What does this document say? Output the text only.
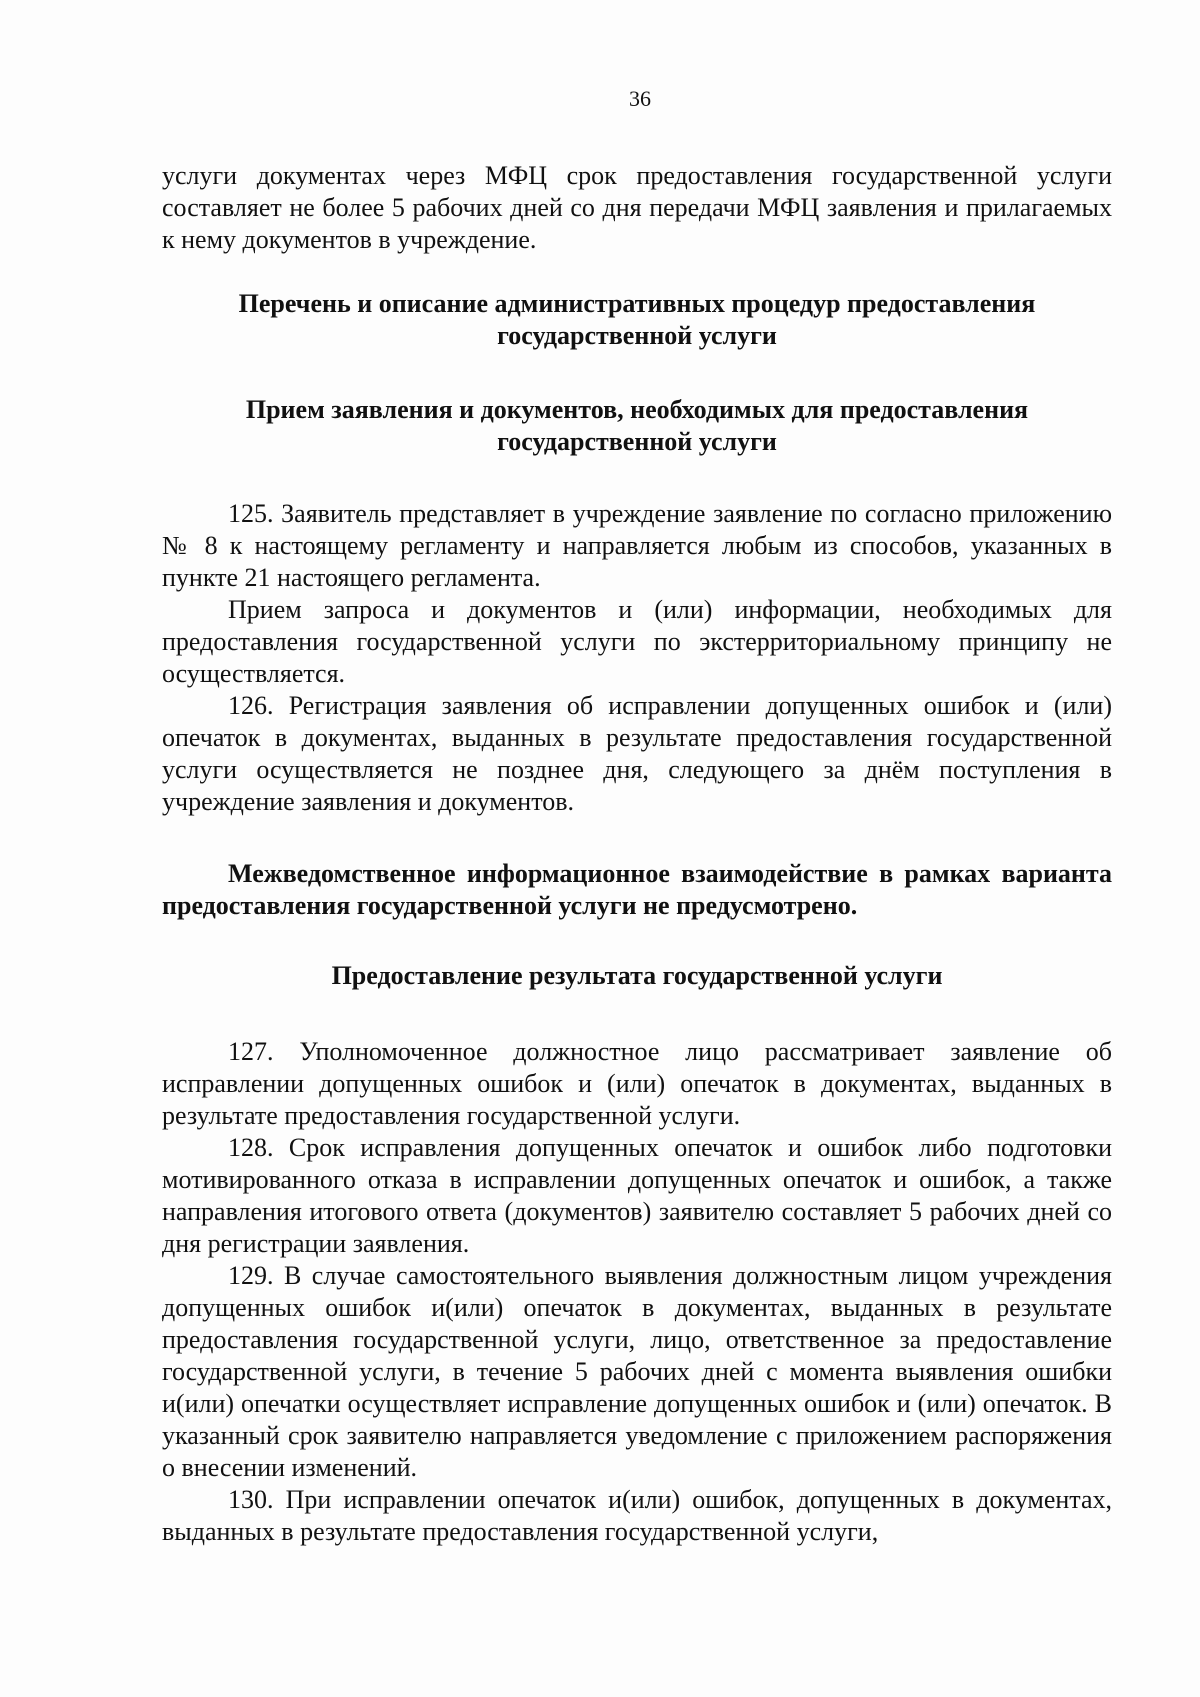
36

услуги документах через МФЦ срок предоставления государственной услуги составляет не более 5 рабочих дней со дня передачи МФЦ заявления и прилагаемых к нему документов в учреждение.

Перечень и описание административных процедур предоставления
государственной услуги
Прием заявления и документов, необходимых для предоставления
государственной услуги

125. Заявитель представляет в учреждение заявление по согласно приложению № 8 к настоящему регламенту и направляется любым из способов, указанных в пункте 21 настоящего регламента.

Прием запроса и документов и (или) информации, необходимых для предоставления государственной услуги по экстерриториальному принципу не осуществляется.

126. Регистрация заявления об исправлении допущенных ошибок и (или) опечаток в документах, выданных в результате предоставления государственной услуги осуществляется не позднее дня, следующего за днём поступления в учреждение заявления и документов.

Межведомственное информационное взаимодействие в рамках варианта предоставления государственной услуги не предусмотрено.

Предоставление результата государственной услуги

127. Уполномоченное должностное лицо рассматривает заявление об исправлении допущенных ошибок и (или) опечаток в документах, выданных в результате предоставления государственной услуги.

128. Срок исправления допущенных опечаток и ошибок либо подготовки мотивированного отказа в исправлении допущенных опечаток и ошибок, а также направления итогового ответа (документов) заявителю составляет 5 рабочих дней со дня регистрации заявления.

129. В случае самостоятельного выявления должностным лицом учреждения допущенных ошибок и(или) опечаток в документах, выданных в результате предоставления государственной услуги, лицо, ответственное за предоставление государственной услуги, в течение 5 рабочих дней с момента выявления ошибки и(или) опечатки осуществляет исправление допущенных ошибок и (или) опечаток. В указанный срок заявителю направляется уведомление с приложением распоряжения о внесении изменений.

130. При исправлении опечаток и(или) ошибок, допущенных в документах, выданных в результате предоставления государственной услуги,
